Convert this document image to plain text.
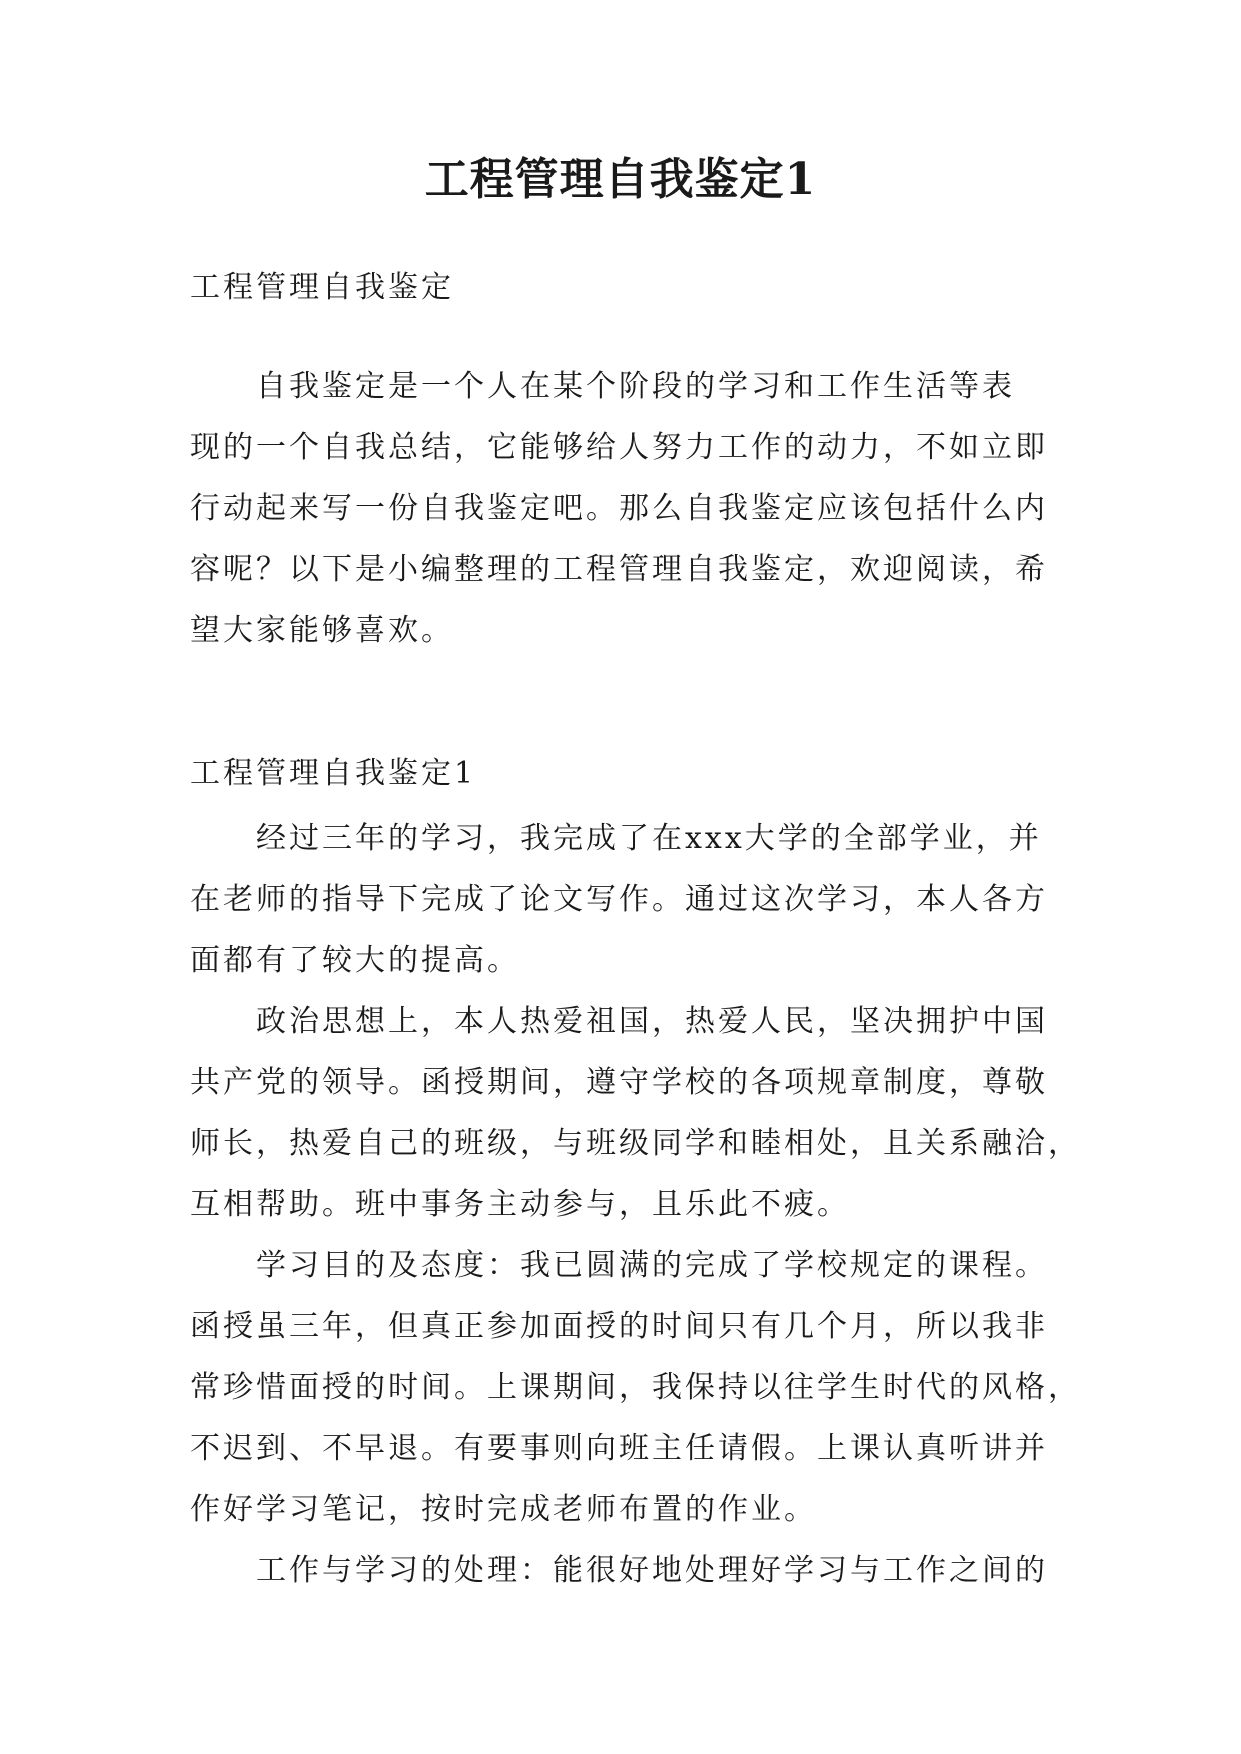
工程管理自我鉴定1
工程管理自我鉴定
　　自我鉴定是一个人在某个阶段的学习和工作生活等表
现的一个自我总结，它能够给人努力工作的动力，不如立即
行动起来写一份自我鉴定吧。那么自我鉴定应该包括什么内
容呢？以下是小编整理的工程管理自我鉴定，欢迎阅读，希
望大家能够喜欢。
工程管理自我鉴定1
　　经过三年的学习，我完成了在xxx大学的全部学业，并
在老师的指导下完成了论文写作。通过这次学习，本人各方
面都有了较大的提高。
　　政治思想上，本人热爱祖国，热爱人民，坚决拥护中国
共产党的领导。函授期间，遵守学校的各项规章制度，尊敬
师长，热爱自己的班级，与班级同学和睦相处，且关系融洽，
互相帮助。班中事务主动参与，且乐此不疲。
　　学习目的及态度：我已圆满的完成了学校规定的课程。
函授虽三年，但真正参加面授的时间只有几个月，所以我非
常珍惜面授的时间。上课期间，我保持以往学生时代的风格，
不迟到、不早退。有要事则向班主任请假。上课认真听讲并
作好学习笔记，按时完成老师布置的作业。
　　工作与学习的处理：能很好地处理好学习与工作之间的
